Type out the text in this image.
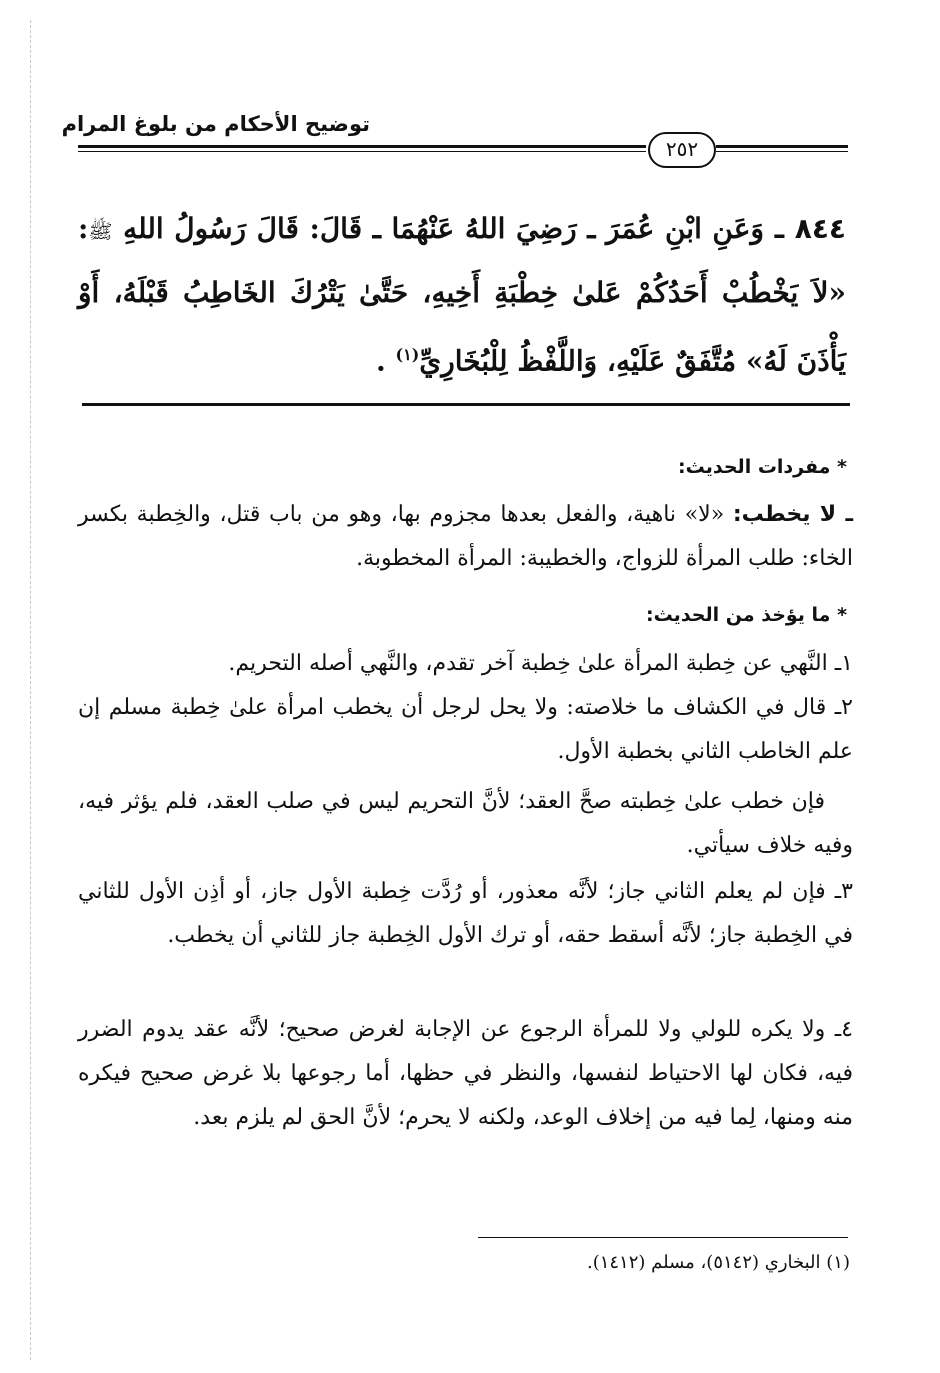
توضيح الأحكام من بلوغ المرام
٢٥٢
٨٤٤ ـ وَعَنِ ابْنِ عُمَرَ ـ رَضِيَ اللهُ عَنْهُمَا ـ قَالَ: قَالَ رَسُولُ اللهِ ﷺ: «لاَ يَخْطُبْ أَحَدُكُمْ عَلىٰ خِطْبَةِ أَخِيهِ، حَتَّىٰ يَتْرُكَ الخَاطِبُ قَبْلَهُ، أَوْ يَأْذَنَ لَهُ» مُتَّفَقٌ عَلَيْهِ، وَاللَّفْظُ لِلْبُخَارِيِّ$^{(١)}$ .
* مفردات الحديث:
ـ لا يخطب: «لا» ناهية، والفعل بعدها مجزوم بها، وهو من باب قتل، والخِطبة بكسر الخاء: طلب المرأة للزواج، والخطيبة: المرأة المخطوبة.
* ما يؤخذ من الحديث:
١ـ النَّهي عن خِطبة المرأة علىٰ خِطبة آخر تقدم، والنَّهي أصله التحريم.
٢ـ قال في الكشاف ما خلاصته: ولا يحل لرجل أن يخطب امرأة علىٰ خِطبة مسلم إن علم الخاطب الثاني بخطبة الأول.
فإن خطب علىٰ خِطبته صحَّ العقد؛ لأنَّ التحريم ليس في صلب العقد، فلم يؤثر فيه، وفيه خلاف سيأتي.
٣ـ فإن لم يعلم الثاني جاز؛ لأنَّه معذور، أو رُدَّت خِطبة الأول جاز، أو أذِن الأول للثاني في الخِطبة جاز؛ لأنَّه أسقط حقه، أو ترك الأول الخِطبة جاز للثاني أن يخطب.
٤ـ ولا يكره للولي ولا للمرأة الرجوع عن الإجابة لغرض صحيح؛ لأنَّه عقد يدوم الضرر فيه، فكان لها الاحتياط لنفسها، والنظر في حظها، أما رجوعها بلا غرض صحيح فيكره منه ومنها، لِما فيه من إخلاف الوعد، ولكنه لا يحرم؛ لأنَّ الحق لم يلزم بعد.
(١) البخاري (٥١٤٢)، مسلم (١٤١٢).
